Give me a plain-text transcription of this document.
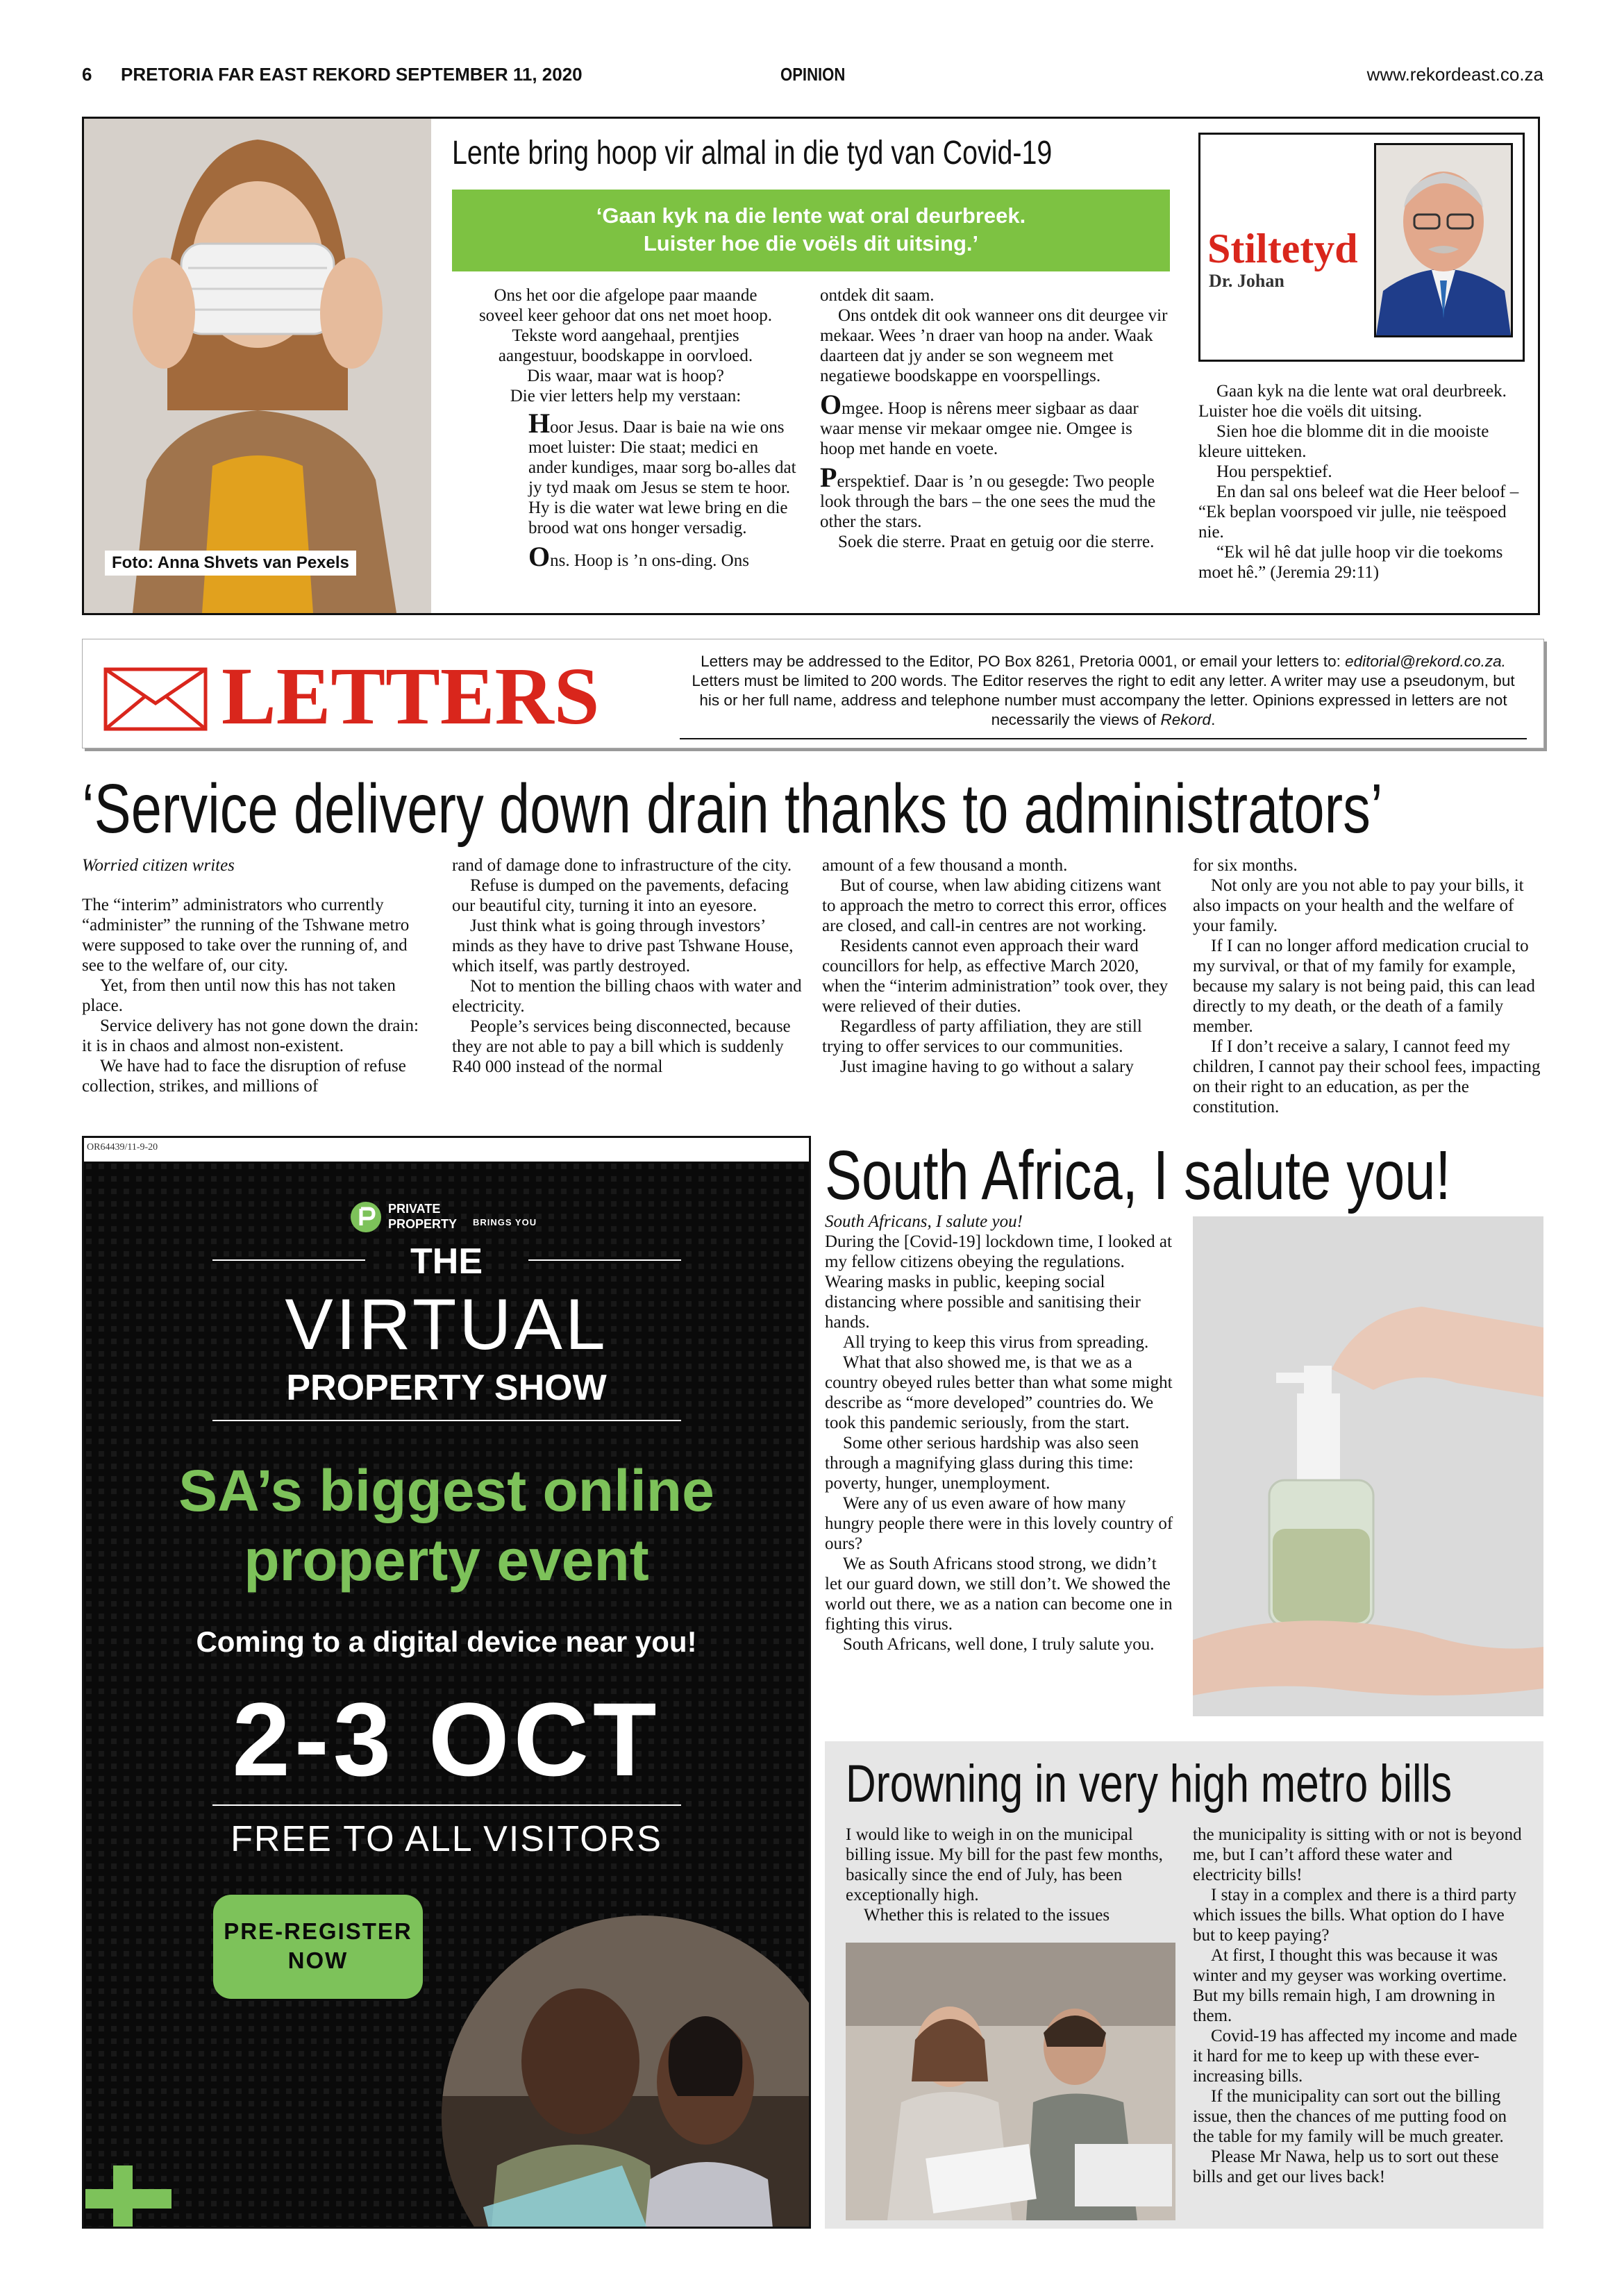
6 PRETORIA FAR EAST REKORD SEPTEMBER 11, 2020	OPINION	www.rekordeast.co.za
Foto: Anna Shvets van Pexels
Lente bring hoop vir almal in die tyd van Covid-19
‘Gaan kyk na die lente wat oral deurbreek.
Luister hoe die voëls dit uitsing.’

Ons het oor die afgelope paar maande

soveel keer gehoor dat ons net moet hoop.

Tekste word aangehaal, prentjies

aangestuur, boodskappe in oorvloed.

Dis waar, maar wat is hoop?

Die vier letters help my verstaan:

Hoor Jesus. Daar is baie na wie ons moet luister: Die staat; medici en ander kundiges, maar sorg bo-alles dat jy tyd maak om Jesus se stem te hoor. Hy is die water wat lewe bring en die brood wat ons honger versadig.

Ons. Hoop is ’n ons-ding. Ons

ontdek dit saam.

Ons ontdek dit ook wanneer ons dit deurgee vir mekaar. Wees ’n draer van hoop na ander. Waak daarteen dat jy ander se son wegneem met negatiewe boodskappe en voorspellings.

Omgee. Hoop is nêrens meer sigbaar as daar waar mense vir mekaar omgee nie. Omgee is hoop met hande en voete.

Perspektief. Daar is ’n ou gesegde: Two people look through the bars – the one sees the mud the other the stars.

Soek die sterre. Praat en getuig oor die sterre.

Stiltetyd
Dr. Johan

Gaan kyk na die lente wat oral deurbreek. Luister hoe die voëls dit uitsing.

Sien hoe die blomme dit in die mooiste kleure uitteken.

Hou perspektief.

En dan sal ons beleef wat die Heer beloof – “Ek beplan voorspoed vir julle, nie teëspoed nie.

“Ek wil hê dat julle hoop vir die toekoms moet hê.” (Jeremia 29:11)

LETTERS	Letters may be addressed to the Editor, PO Box 8261, Pretoria 0001, or email your letters to: editorial@rekord.co.za.
Letters must be limited to 200 words. The Editor reserves the right to edit any letter. A writer may use a pseudonym, but
his or her full name, address and telephone number must accompany the letter. Opinions expressed in letters are not
necessarily the views of Rekord.
‘Service delivery down drain thanks to administrators’

Worried citizen writes

The “interim” administrators who currently “administer” the running of the Tshwane metro were supposed to take over the running of, and see to the welfare of, our city.

Yet, from then until now this has not taken place.

Service delivery has not gone down the drain: it is in chaos and almost non-existent.

We have had to face the disruption of refuse collection, strikes, and millions of

rand of damage done to infrastructure of the city.

Refuse is dumped on the pavements, defacing our beautiful city, turning it into an eyesore.

Just think what is going through investors’ minds as they have to drive past Tshwane House, which itself, was partly destroyed.

Not to mention the billing chaos with water and electricity.

People’s services being disconnected, because they are not able to pay a bill which is suddenly R40 000 instead of the normal

amount of a few thousand a month.

But of course, when law abiding citizens want to approach the metro to correct this error, offices are closed, and call-in centres are not working.

Residents cannot even approach their ward councillors for help, as effective March 2020, when the “interim administration” took over, they were relieved of their duties.

Regardless of party affiliation, they are still trying to offer services to our communities.

Just imagine having to go without a salary

for six months.

Not only are you not able to pay your bills, it also impacts on your health and the welfare of your family.

If I can no longer afford medication crucial to my survival, or that of my family for example, because my salary is not being paid, this can lead directly to my death, or the death of a family member.

If I don’t receive a salary, I cannot feed my children, I cannot pay their school fees, impacting on their right to an education, as per the constitution.

OR64439/11-9-20
PRIVATE
PROPERTY BRINGS YOU
THE
VIRTUAL
PROPERTY SHOW
SA’s biggest online
property event
Coming to a digital device near you!
2-3 OCT
FREE TO ALL VISITORS
PRE-REGISTER
NOW
South Africa, I salute you!

South Africans, I salute you!

During the [Covid-19] lockdown time, I looked at my fellow citizens obeying the regulations. Wearing masks in public, keeping social distancing where possible and sanitising their hands.

All trying to keep this virus from spreading.

What that also showed me, is that we as a country obeyed rules better than what some might describe as “more developed” countries do. We took this pandemic seriously, from the start.

Some other serious hardship was also seen through a magnifying glass during this time: poverty, hunger, unemployment.

Were any of us even aware of how many hungry people there were in this lovely country of ours?

We as South Africans stood strong, we didn’t let our guard down, we still don’t. We showed the world out there, we as a nation can become one in fighting this virus.

South Africans, well done, I truly salute you.

Drowning in very high metro bills

I would like to weigh in on the municipal billing issue. My bill for the past few months, basically since the end of July, has been exceptionally high.

Whether this is related to the issues

the municipality is sitting with or not is beyond me, but I can’t afford these water and electricity bills!

I stay in a complex and there is a third party which issues the bills. What option do I have but to keep paying?

At first, I thought this was because it was winter and my geyser was working overtime. But my bills remain high, I am drowning in them.

Covid-19 has affected my income and made it hard for me to keep up with these ever-increasing bills.

If the municipality can sort out the billing issue, then the chances of me putting food on the table for my family will be much greater.

Please Mr Nawa, help us to sort out these bills and get our lives back!
